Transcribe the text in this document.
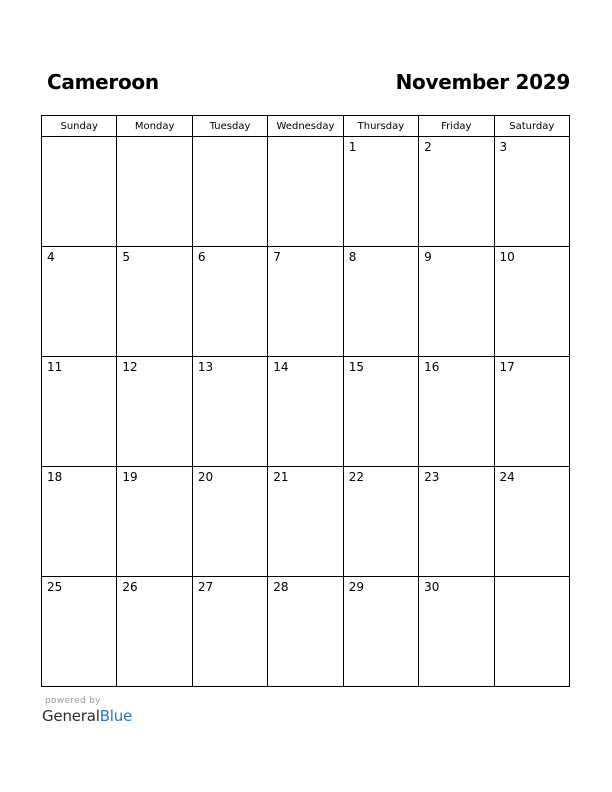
Cameroon	November 2029
Sunday	Monday	Tuesday	Wednesday	Thursday	Friday	Saturday

				1	2	3

4	5	6	7	8	9	10

11	12	13	14	15	16	17

18	19	20	21	22	23	24

25	26	27	28	29	30	

powered by
GeneralBlue
